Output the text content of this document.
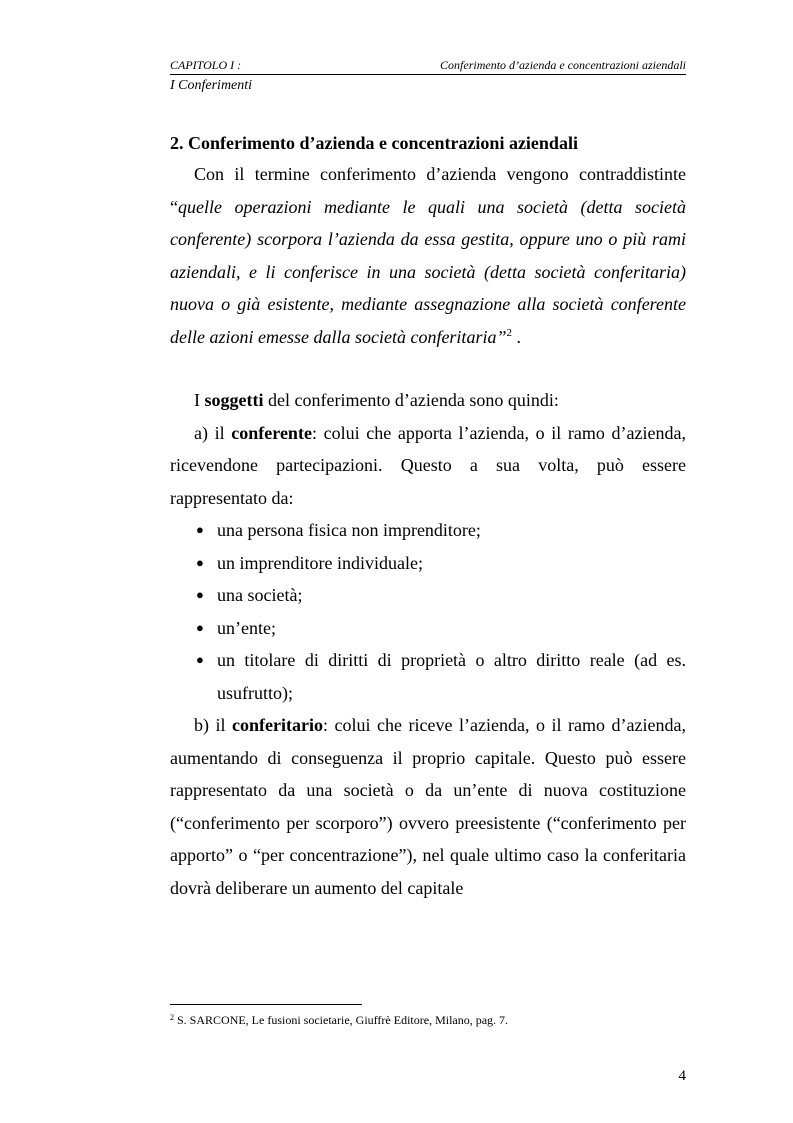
CAPITOLO I :	Conferimento d’azienda e concentrazioni aziendali
I Conferimenti

2. Conferimento d’azienda e concentrazioni aziendali

Con il termine conferimento d’azienda vengono contraddistinte “quelle operazioni mediante le quali una società (detta società conferente) scorpora l’azienda da essa gestita, oppure uno o più rami aziendali, e li conferisce in una società (detta società conferitaria) nuova o già esistente, mediante assegnazione alla società conferente delle azioni emesse dalla società conferitaria”$^2$ .

I soggetti del conferimento d’azienda sono quindi:

a) il conferente: colui che apporta l’azienda, o il ramo d’azienda, ricevendone partecipazioni. Questo a sua volta, può essere rappresentato da:

● una persona fisica non imprenditore;
● un imprenditore individuale;
● una società;
● un’ente;
● un titolare di diritti di proprietà o altro diritto reale (ad es. usufrutto);

b) il conferitario: colui che riceve l’azienda, o il ramo d’azienda, aumentando di conseguenza il proprio capitale. Questo può essere rappresentato da una società o da un’ente di nuova costituzione (“conferimento per scorporo”) ovvero preesistente (“conferimento per apporto” o “per concentrazione”), nel quale ultimo caso la conferitaria dovrà deliberare un aumento del capitale

$^2$ S. SARCONE, Le fusioni societarie, Giuffrè Editore, Milano, pag. 7.
4
